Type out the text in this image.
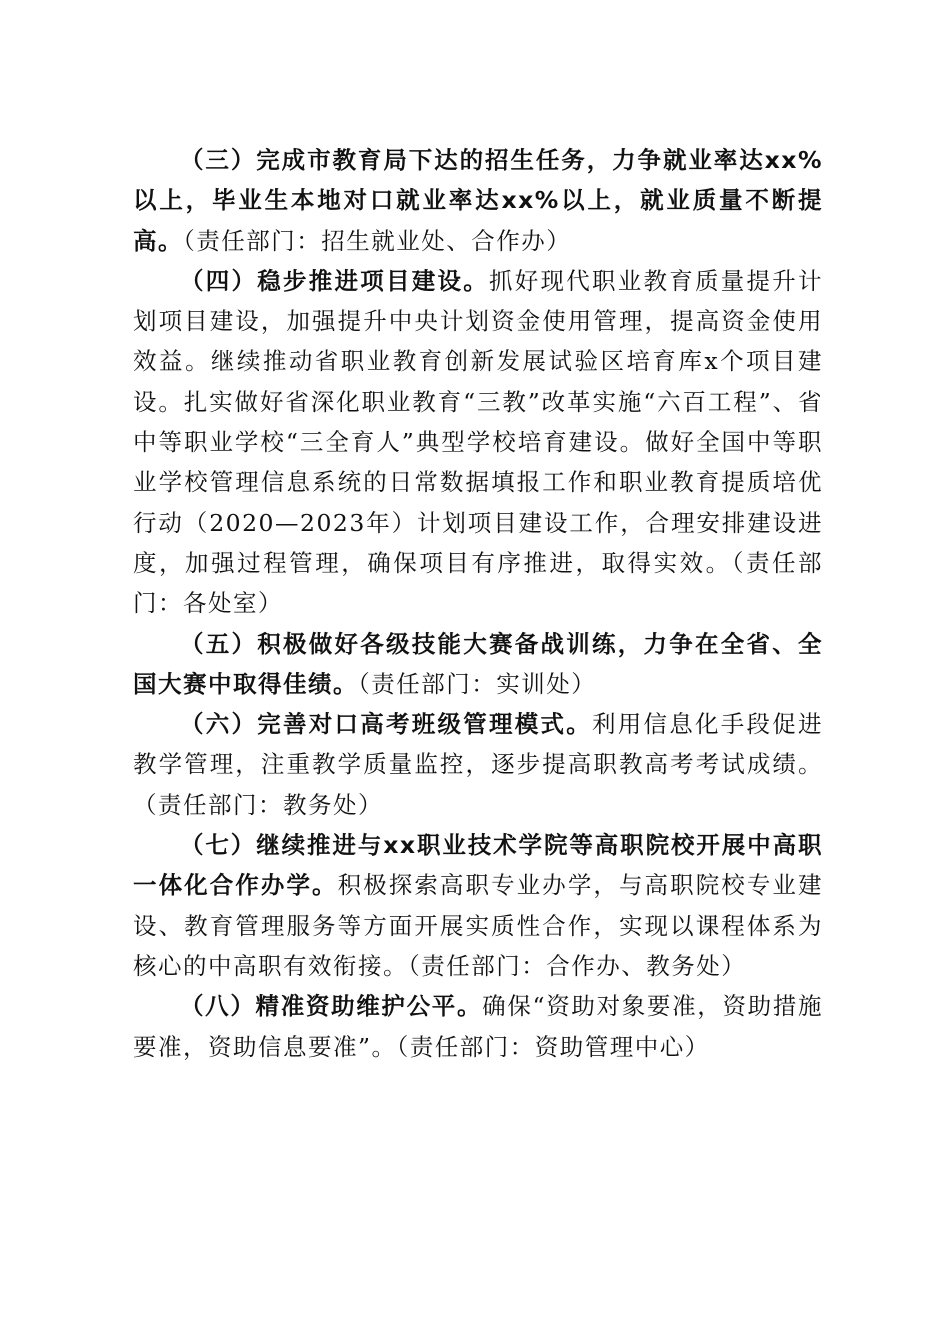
（三）完成市教育局下达的招生任务，力争就业率达xx%以上，毕业生本地对口就业率达xx%以上，就业质量不断提高。（责任部门：招生就业处、合作办）

（四）稳步推进项目建设。抓好现代职业教育质量提升计划项目建设，加强提升中央计划资金使用管理，提高资金使用效益。继续推动省职业教育创新发展试验区培育库x个项目建设。扎实做好省深化职业教育“三教”改革实施“六百工程”、省中等职业学校“三全育人”典型学校培育建设。做好全国中等职业学校管理信息系统的日常数据填报工作和职业教育提质培优行动（2020—2023年）计划项目建设工作，合理安排建设进度，加强过程管理，确保项目有序推进，取得实效。（责任部门：各处室）

（五）积极做好各级技能大赛备战训练，力争在全省、全国大赛中取得佳绩。（责任部门：实训处）

（六）完善对口高考班级管理模式。利用信息化手段促进教学管理，注重教学质量监控，逐步提高职教高考考试成绩。（责任部门：教务处）

（七）继续推进与xx职业技术学院等高职院校开展中高职一体化合作办学。积极探索高职专业办学，与高职院校专业建设、教育管理服务等方面开展实质性合作，实现以课程体系为核心的中高职有效衔接。（责任部门：合作办、教务处）

（八）精准资助维护公平。确保“资助对象要准，资助措施要准，资助信息要准”。（责任部门：资助管理中心）
